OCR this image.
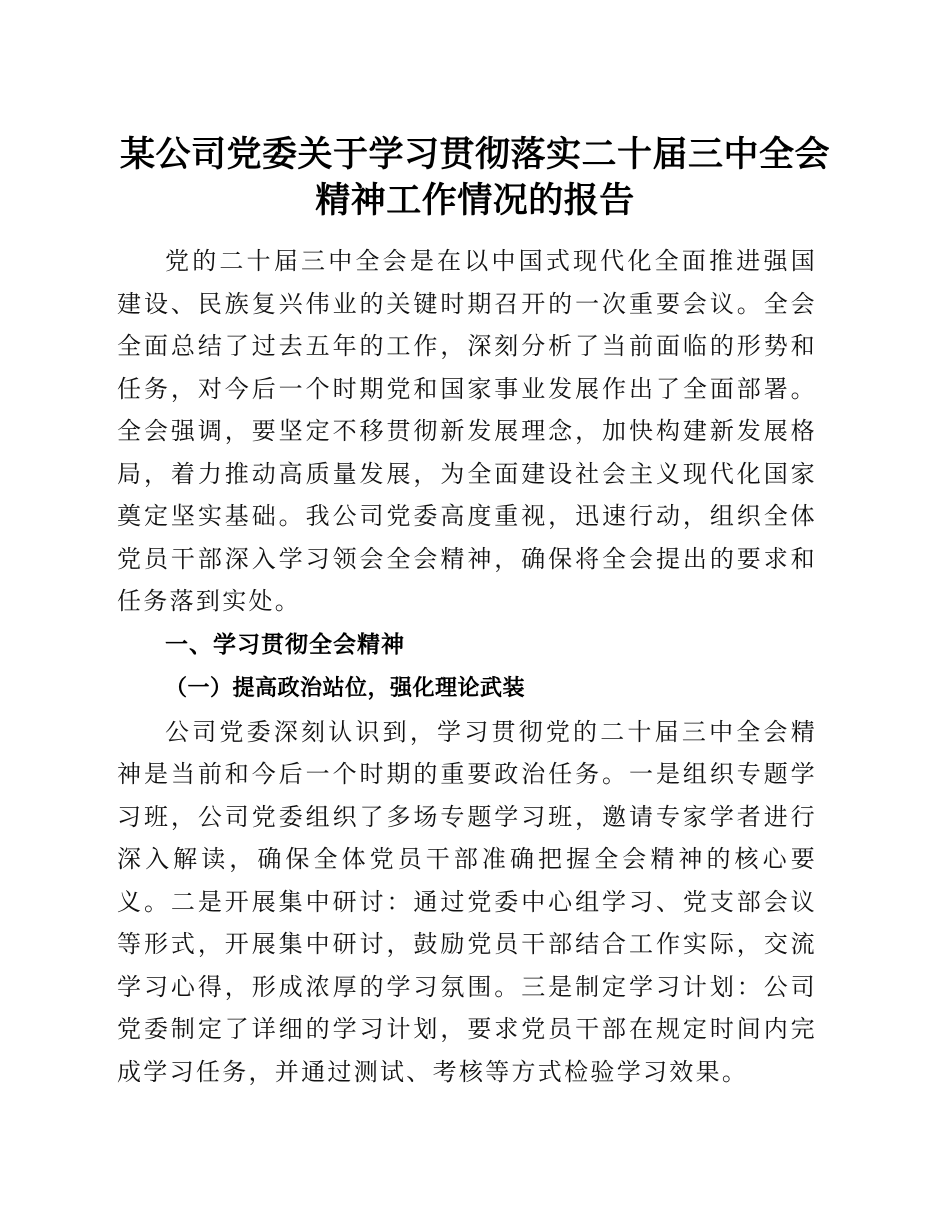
某公司党委关于学习贯彻落实二十届三中全会
精神工作情况的报告

党的二十届三中全会是在以中国式现代化全面推进强国建设、民族复兴伟业的关键时期召开的一次重要会议。全会全面总结了过去五年的工作，深刻分析了当前面临的形势和任务，对今后一个时期党和国家事业发展作出了全面部署。全会强调，要坚定不移贯彻新发展理念，加快构建新发展格局，着力推动高质量发展，为全面建设社会主义现代化国家奠定坚实基础。我公司党委高度重视，迅速行动，组织全体党员干部深入学习领会全会精神，确保将全会提出的要求和任务落到实处。

一、学习贯彻全会精神
（一）提高政治站位，强化理论武装

公司党委深刻认识到，学习贯彻党的二十届三中全会精神是当前和今后一个时期的重要政治任务。一是组织专题学习班，公司党委组织了多场专题学习班，邀请专家学者进行深入解读，确保全体党员干部准确把握全会精神的核心要义。二是开展集中研讨：通过党委中心组学习、党支部会议等形式，开展集中研讨，鼓励党员干部结合工作实际，交流学习心得，形成浓厚的学习氛围。三是制定学习计划：公司党委制定了详细的学习计划，要求党员干部在规定时间内完成学习任务，并通过测试、考核等方式检验学习效果。
